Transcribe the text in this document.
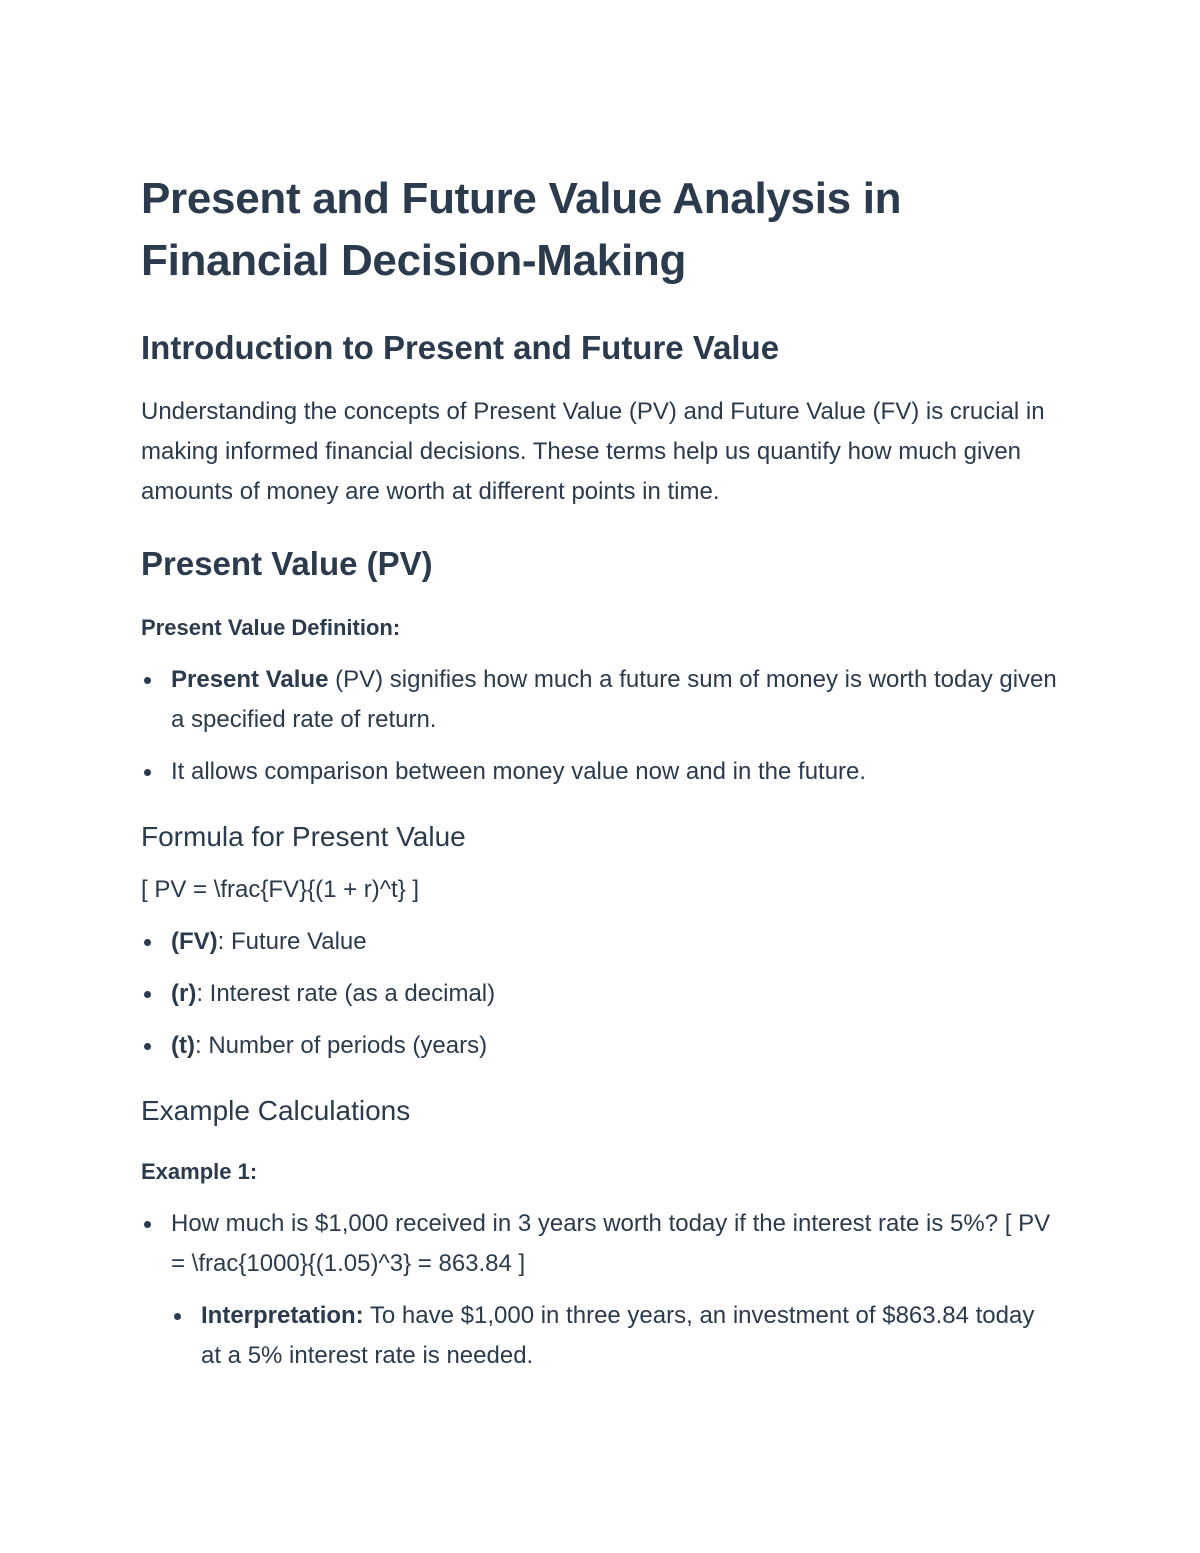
Present and Future Value Analysis in Financial Decision-Making
Introduction to Present and Future Value

Understanding the concepts of Present Value (PV) and Future Value (FV) is crucial in making informed financial decisions. These terms help us quantify how much given amounts of money are worth at different points in time.

Present Value (PV)
Present Value Definition:
Present Value (PV) signifies how much a future sum of money is worth today given a specified rate of return.
It allows comparison between money value now and in the future.
Formula for Present Value

[ PV = \frac{FV}{(1 + r)^t} ]

(FV): Future Value
(r): Interest rate (as a decimal)
(t): Number of periods (years)
Example Calculations
Example 1:
How much is $1,000 received in 3 years worth today if the interest rate is 5%? [ PV = \frac{1000}{(1.05)^3} = 863.84 ]
Interpretation: To have $1,000 in three years, an investment of $863.84 today at a 5% interest rate is needed.
